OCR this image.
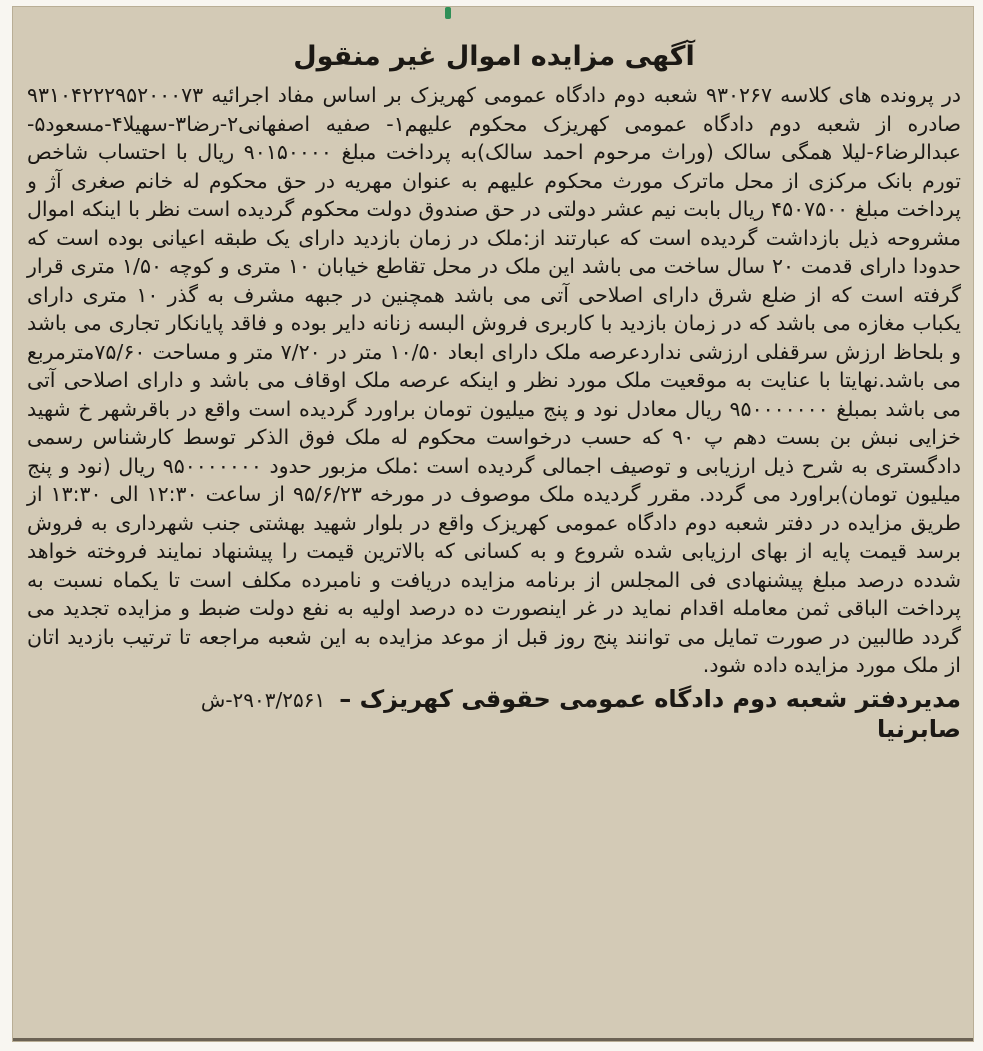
آگهی مزایده اموال غیر منقول

در پرونده های کلاسه ۹۳۰۲۶۷ شعبه دوم دادگاه عمومی کهریزک بر اساس مفاد اجرائیه ۹۳۱۰۴۲۲۲۹۵۲۰۰۰۷۳ صادره از شعبه دوم دادگاه عمومی کهریزک محکوم علیهم۱- صفیه اصفهانی۲-رضا۳-سهیلا۴-مسعود۵-عبدالرضا۶-لیلا همگی سالک (وراث مرحوم احمد سالک)به پرداخت مبلغ ۹۰۱۵۰۰۰۰ ریال با احتساب شاخص تورم بانک مرکزی از محل ماترک مورث محکوم علیهم به عنوان مهریه در حق محکوم له خانم صغری آژ و پرداخت مبلغ ۴۵۰۷۵۰۰ ریال بابت نیم عشر دولتی در حق صندوق دولت محکوم گردیده است نظر با اینکه اموال مشروحه ذیل بازداشت گردیده است که عبارتند از:ملک در زمان بازدید دارای یک طبقه اعیانی بوده است که حدودا دارای قدمت ۲۰ سال ساخت می باشد این ملک در محل تقاطع خیابان ۱۰ متری و کوچه ۱/۵۰ متری قرار گرفته است که از ضلع شرق دارای اصلاحی آتی می باشد همچنین در جبهه مشرف به گذر ۱۰ متری دارای یکباب مغازه می باشد که در زمان بازدید با کاربری فروش البسه زنانه دایر بوده و فاقد پایانکار تجاری می باشد و بلحاظ ارزش سرقفلی ارزشی نداردعرصه ملک دارای ابعاد ۱۰/۵۰ متر در ۷/۲۰ متر و مساحت ۷۵/۶۰مترمربع می باشد.نهایتا با عنایت به موقعیت ملک مورد نظر و اینکه عرصه ملک اوقاف می باشد و دارای اصلاحی آتی می باشد بمبلغ ۹۵۰۰۰۰۰۰۰ ریال معادل نود و پنج میلیون تومان براورد گردیده است واقع در باقرشهر خ شهید خزایی نبش بن بست دهم پ ۹۰ که حسب درخواست محکوم له ملک فوق الذکر توسط کارشناس رسمی دادگستری به شرح ذیل ارزیابی و توصیف اجمالی گردیده است :ملک مزبور حدود ۹۵۰۰۰۰۰۰۰ ریال (نود و پنج میلیون تومان)براورد می گردد. مقرر گردیده ملک موصوف در مورخه ۹۵/۶/۲۳ از ساعت ۱۲:۳۰ الی ۱۳:۳۰ از طریق مزایده در دفتر شعبه دوم دادگاه عمومی کهریزک واقع در بلوار شهید بهشتی جنب شهرداری به فروش برسد قیمت پایه از بهای ارزیابی شده شروع و به کسانی که بالاترین قیمت را پیشنهاد نمایند فروخته خواهد شدده درصد مبلغ پیشنهادی فی المجلس از برنامه مزایده دریافت و نامبرده مکلف است تا یکماه نسبت به پرداخت الباقی ثمن معامله اقدام نماید در غر اینصورت ده درصد اولیه به نفع دولت ضبط و مزایده تجدید می گردد طالبین در صورت تمایل می توانند پنج روز قبل از موعد مزایده به این شعبه مراجعه تا ترتیب بازدید اتان از ملک مورد مزایده داده شود.

مدیردفتر شعبه دوم دادگاه عمومی حقوقی کهریزک –
۲۹۰۳/۲۵۶۱-ش
صابرنیا
